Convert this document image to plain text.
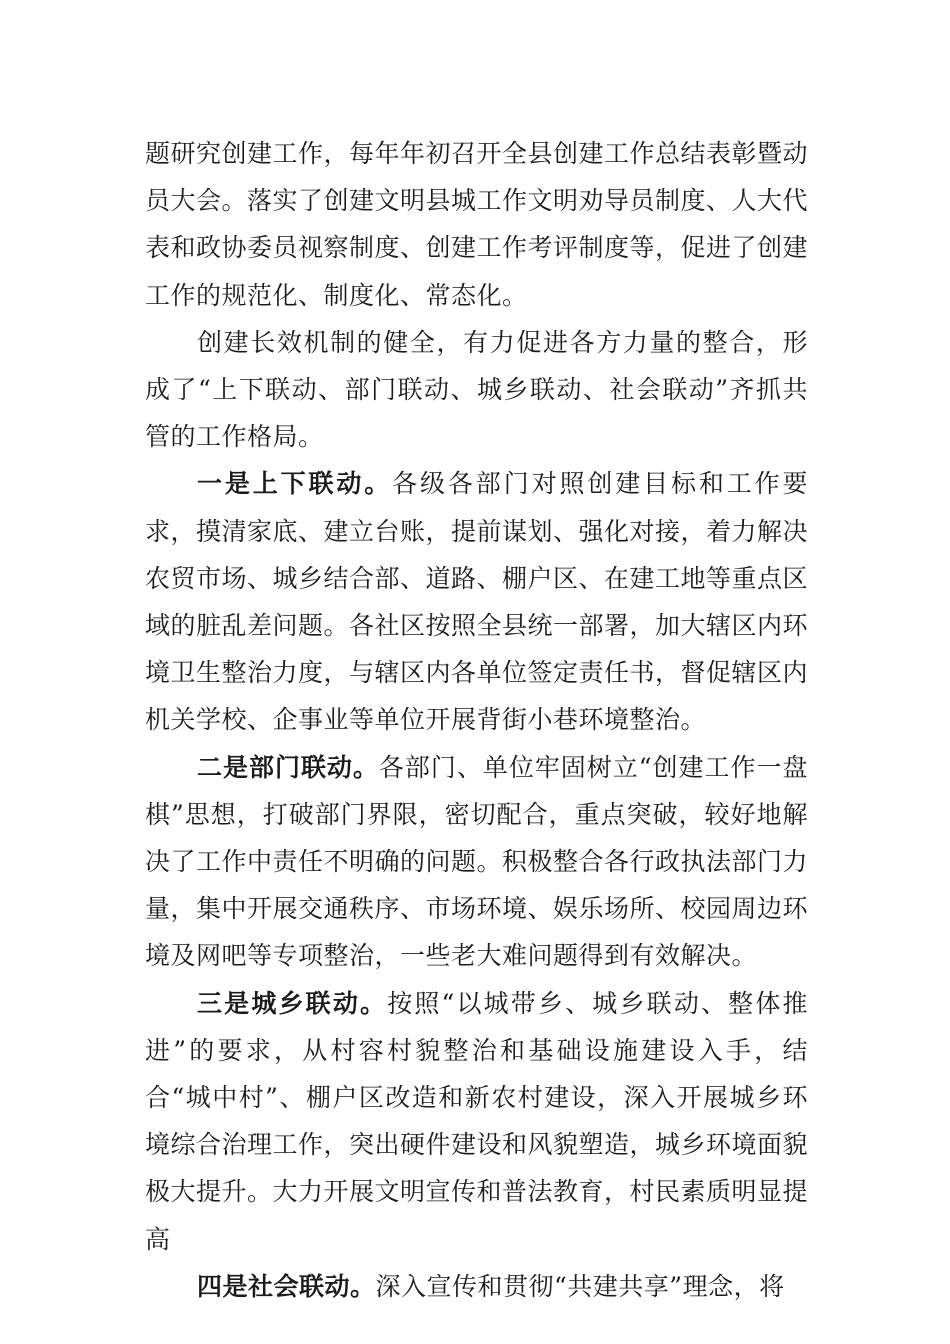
题研究创建工作，每年年初召开全县创建工作总结表彰暨动员大会。落实了创建文明县城工作文明劝导员制度、人大代表和政协委员视察制度、创建工作考评制度等，促进了创建工作的规范化、制度化、常态化。

创建长效机制的健全，有力促进各方力量的整合，形成了“上下联动、部门联动、城乡联动、社会联动”齐抓共管的工作格局。

一是上下联动。各级各部门对照创建目标和工作要求，摸清家底、建立台账，提前谋划、强化对接，着力解决农贸市场、城乡结合部、道路、棚户区、在建工地等重点区域的脏乱差问题。各社区按照全县统一部署，加大辖区内环境卫生整治力度，与辖区内各单位签定责任书，督促辖区内机关学校、企事业等单位开展背街小巷环境整治。

二是部门联动。各部门、单位牢固树立“创建工作一盘棋”思想，打破部门界限，密切配合，重点突破，较好地解决了工作中责任不明确的问题。积极整合各行政执法部门力量，集中开展交通秩序、市场环境、娱乐场所、校园周边环境及网吧等专项整治，一些老大难问题得到有效解决。

三是城乡联动。按照“以城带乡、城乡联动、整体推进”的要求，从村容村貌整治和基础设施建设入手，结合“城中村”、棚户区改造和新农村建设，深入开展城乡环境综合治理工作，突出硬件建设和风貌塑造，城乡环境面貌极大提升。大力开展文明宣传和普法教育，村民素质明显提高

四是社会联动。深入宣传和贯彻“共建共享”理念，将
